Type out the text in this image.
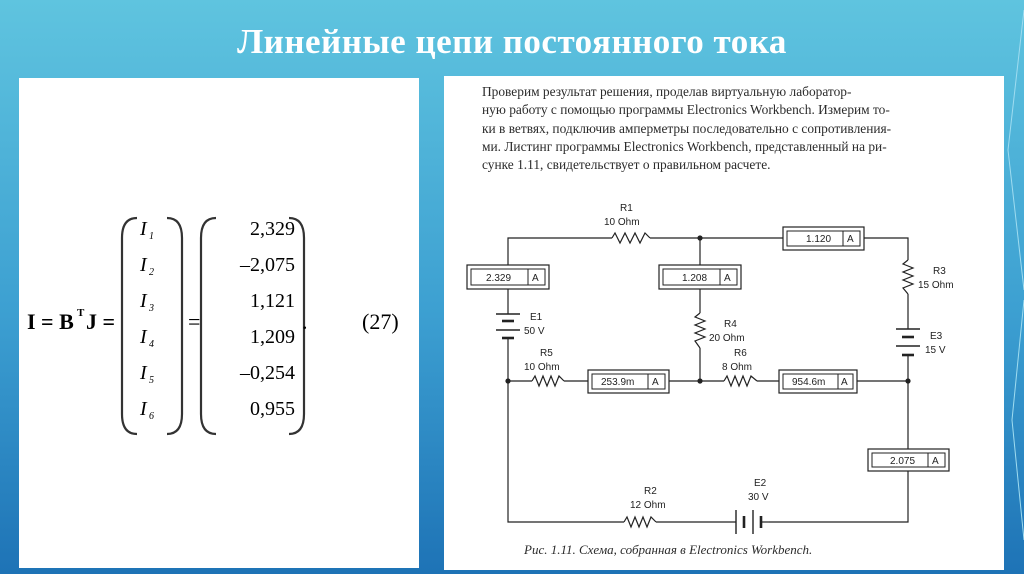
Линейные цепи постоянного тока
I = B T J =
I 1
I 2
I 3
I 4
I 5
I 6
=
2,329
–2,075
1,121
1,209
–0,254
0,955
. (27)
Проверим результат решения, проделав виртуальную лаборатор-
ную работу с помощью программы Electronics Workbench. Измерим то-
ки в ветвях, подключив амперметры последовательно с сопротивления-
ми. Листинг программы Electronics Workbench, представленный на ри-
сунке 1.11, свидетельствует о правильном расчете.
R1
10 Ohm
R3
15 Ohm
R4
20 Ohm
R5
10 Ohm
R6
8 Ohm
R2
12 Ohm
E1
50 V	E3
15 V
E2
30 V
2.329 A	1.208 A
1.120 A
253.9m A	954.6m A
2.075 A
Рис. 1.11. Схема, собранная в Electronics Workbench.
